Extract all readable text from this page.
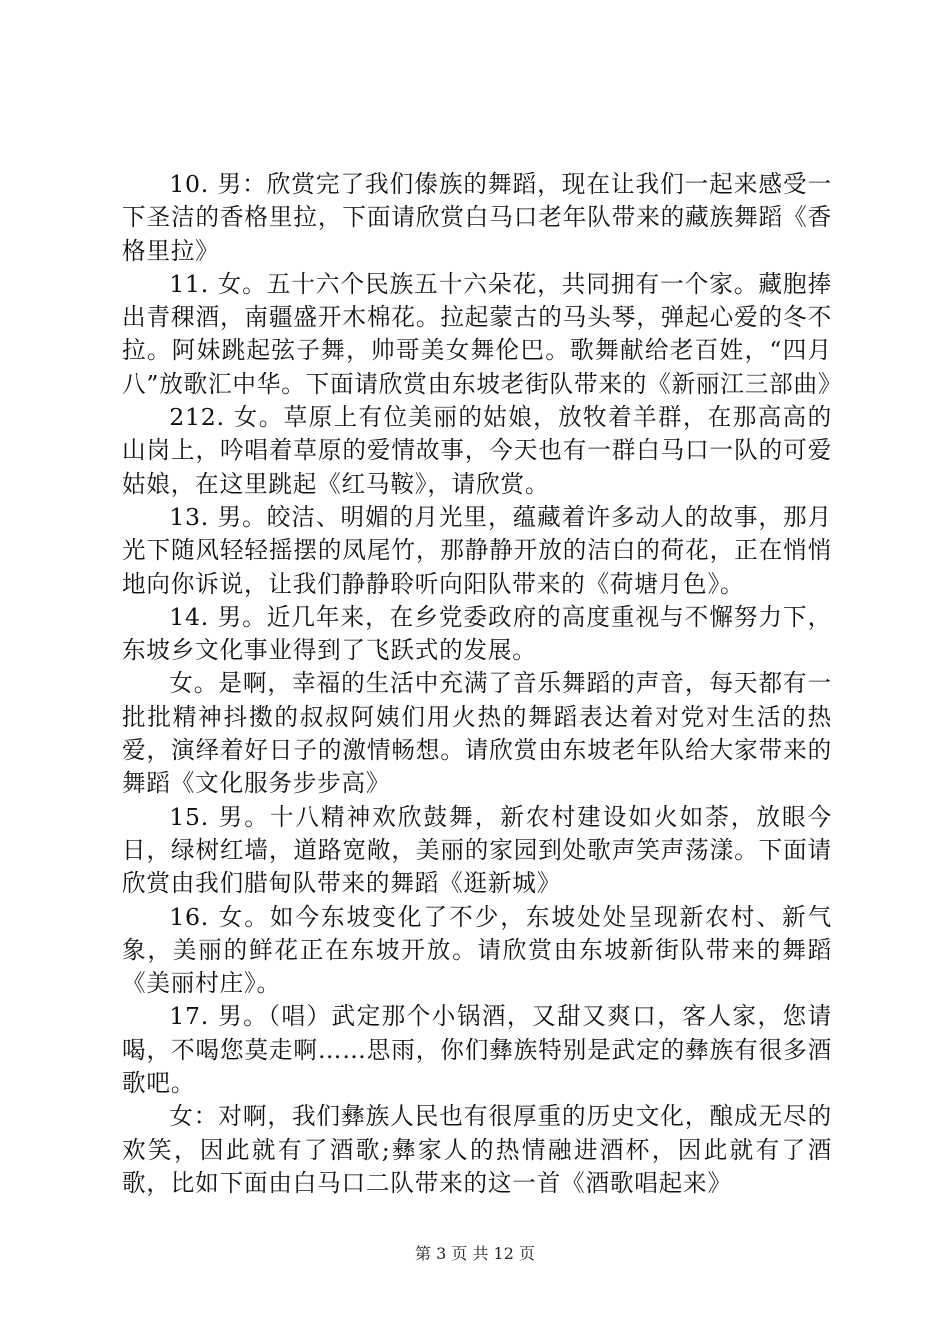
10. 男：欣赏完了我们傣族的舞蹈，现在让我们一起来感受一下圣洁的香格里拉，下面请欣赏白马口老年队带来的藏族舞蹈《香格里拉》

11. 女。五十六个民族五十六朵花，共同拥有一个家。藏胞捧出青稞酒，南疆盛开木棉花。拉起蒙古的马头琴，弹起心爱的冬不拉。阿妹跳起弦子舞，帅哥美女舞伦巴。歌舞献给老百姓，“四月八”放歌汇中华。下面请欣赏由东坡老街队带来的《新丽江三部曲》

212. 女。草原上有位美丽的姑娘，放牧着羊群，在那高高的山岗上，吟唱着草原的爱情故事，今天也有一群白马口一队的可爱姑娘，在这里跳起《红马鞍》，请欣赏。

13. 男。皎洁、明媚的月光里，蕴藏着许多动人的故事，那月光下随风轻轻摇摆的凤尾竹，那静静开放的洁白的荷花，正在悄悄地向你诉说，让我们静静聆听向阳队带来的《荷塘月色》。

14. 男。近几年来，在乡党委政府的高度重视与不懈努力下，东坡乡文化事业得到了飞跃式的发展。

女。是啊，幸福的生活中充满了音乐舞蹈的声音，每天都有一批批精神抖擞的叔叔阿姨们用火热的舞蹈表达着对党对生活的热爱，演绎着好日子的激情畅想。请欣赏由东坡老年队给大家带来的舞蹈《文化服务步步高》

15. 男。十八精神欢欣鼓舞，新农村建设如火如荼，放眼今日，绿树红墙，道路宽敞，美丽的家园到处歌声笑声荡漾。下面请欣赏由我们腊甸队带来的舞蹈《逛新城》

16. 女。如今东坡变化了不少，东坡处处呈现新农村、新气象，美丽的鲜花正在东坡开放。请欣赏由东坡新街队带来的舞蹈《美丽村庄》。

17. 男。（唱）武定那个小锅酒，又甜又爽口，客人家，您请喝，不喝您莫走啊……思雨，你们彝族特别是武定的彝族有很多酒歌吧。

女：对啊，我们彝族人民也有很厚重的历史文化，酿成无尽的欢笑，因此就有了酒歌;彝家人的热情融进酒杯，因此就有了酒歌，比如下面由白马口二队带来的这一首《酒歌唱起来》

第 3 页 共 12 页
